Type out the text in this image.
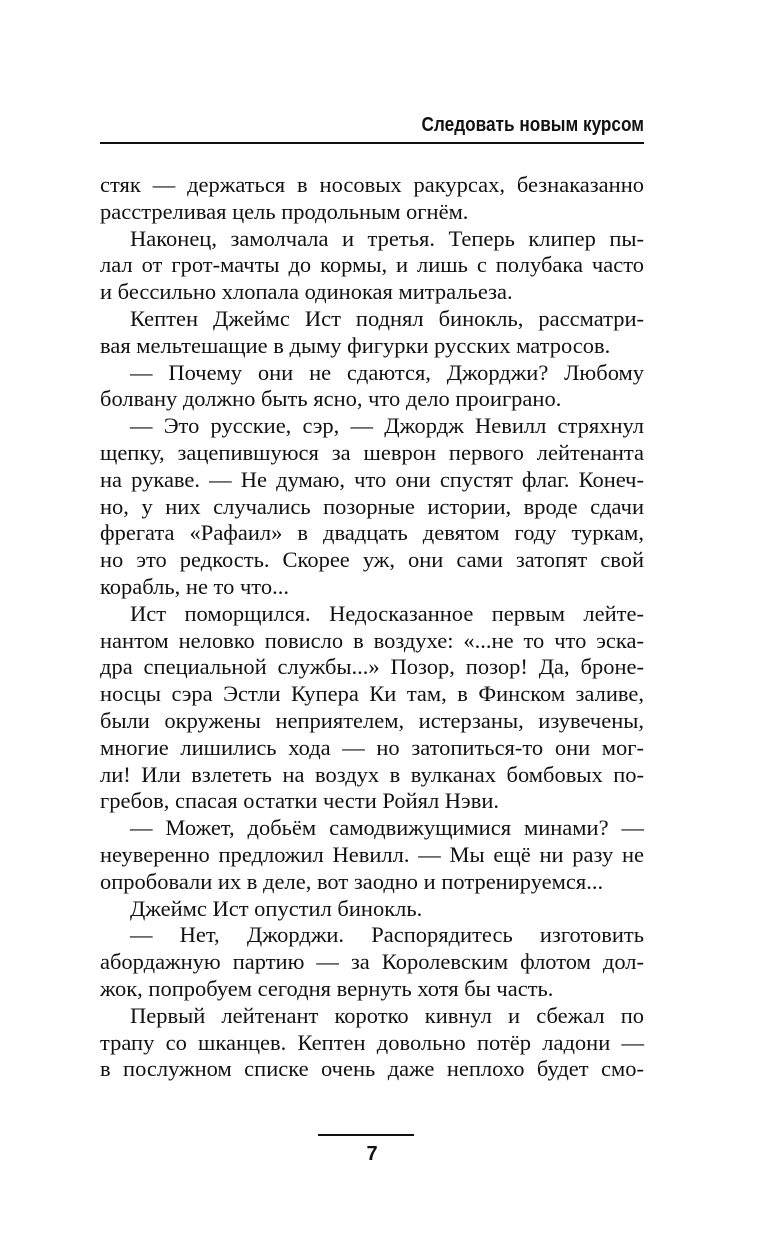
Следовать новым курсом
стяк — держаться в носовых ракурсах, безнаказанно
расстреливая цель продольным огнём.
Наконец, замолчала и третья. Теперь клипер пы-
лал от грот-мачты до кормы, и лишь с полубака часто
и бессильно хлопала одинокая митральеза.
Кептен Джеймс Ист поднял бинокль, рассматри-
вая мельтешащие в дыму фигурки русских матросов.
— Почему они не сдаются, Джорджи? Любому
болвану должно быть ясно, что дело проиграно.
— Это русские, сэр, — Джордж Невилл стряхнул
щепку, зацепившуюся за шеврон первого лейтенанта
на рукаве. — Не думаю, что они спустят флаг. Конеч-
но, у них случались позорные истории, вроде сдачи
фрегата «Рафаил» в двадцать девятом году туркам,
но это редкость. Скорее уж, они сами затопят свой
корабль, не то что...
Ист поморщился. Недосказанное первым лейте-
нантом неловко повисло в воздухе: «...не то что эска-
дра специальной службы...» Позор, позор! Да, броне-
носцы сэра Эстли Купера Ки там, в Финском заливе,
были окружены неприятелем, истерзаны, изувечены,
многие лишились хода — но затопиться-то они мог-
ли! Или взлететь на воздух в вулканах бомбовых по-
гребов, спасая остатки чести Ройял Нэви.
— Может, добьём самодвижущимися минами? —
неуверенно предложил Невилл. — Мы ещё ни разу не
опробовали их в деле, вот заодно и потренируемся...
Джеймс Ист опустил бинокль.
— Нет, Джорджи. Распорядитесь изготовить
абордажную партию — за Королевским флотом дол-
жок, попробуем сегодня вернуть хотя бы часть.
Первый лейтенант коротко кивнул и сбежал по
трапу со шканцев. Кептен довольно потёр ладони —
в послужном списке очень даже неплохо будет смо-
7
